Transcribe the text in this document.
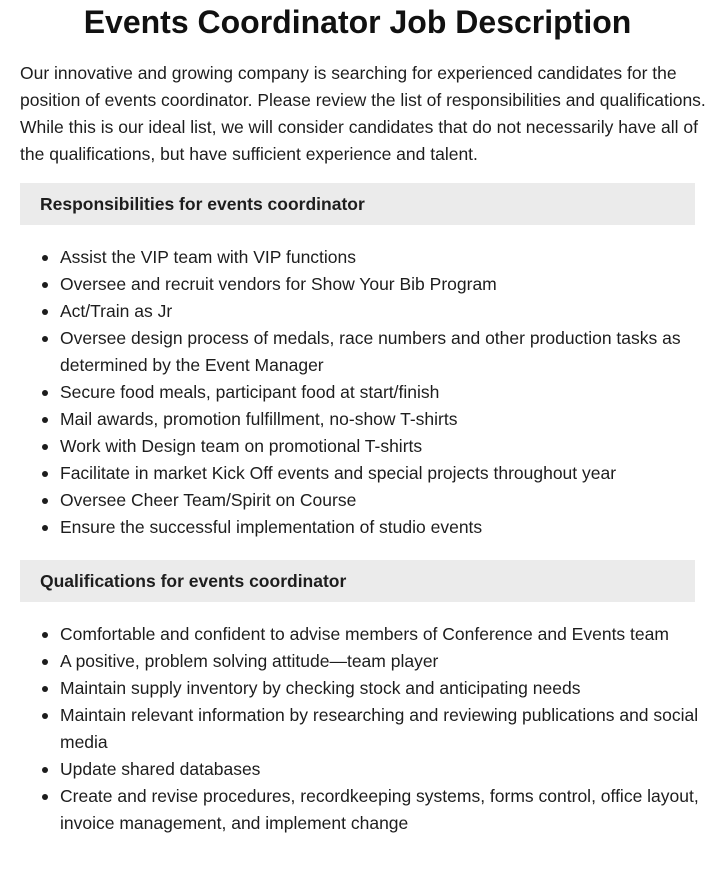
Events Coordinator Job Description

Our innovative and growing company is searching for experienced candidates for the position of events coordinator. Please review the list of responsibilities and qualifications. While this is our ideal list, we will consider candidates that do not necessarily have all of the qualifications, but have sufficient experience and talent.

Responsibilities for events coordinator
Assist the VIP team with VIP functions
Oversee and recruit vendors for Show Your Bib Program
Act/Train as Jr
Oversee design process of medals, race numbers and other production tasks as determined by the Event Manager
Secure food meals, participant food at start/finish
Mail awards, promotion fulfillment, no-show T-shirts
Work with Design team on promotional T-shirts
Facilitate in market Kick Off events and special projects throughout year
Oversee Cheer Team/Spirit on Course
Ensure the successful implementation of studio events
Qualifications for events coordinator
Comfortable and confident to advise members of Conference and Events team
A positive, problem solving attitude—team player
Maintain supply inventory by checking stock and anticipating needs
Maintain relevant information by researching and reviewing publications and social media
Update shared databases
Create and revise procedures, recordkeeping systems, forms control, office layout, invoice management, and implement change
